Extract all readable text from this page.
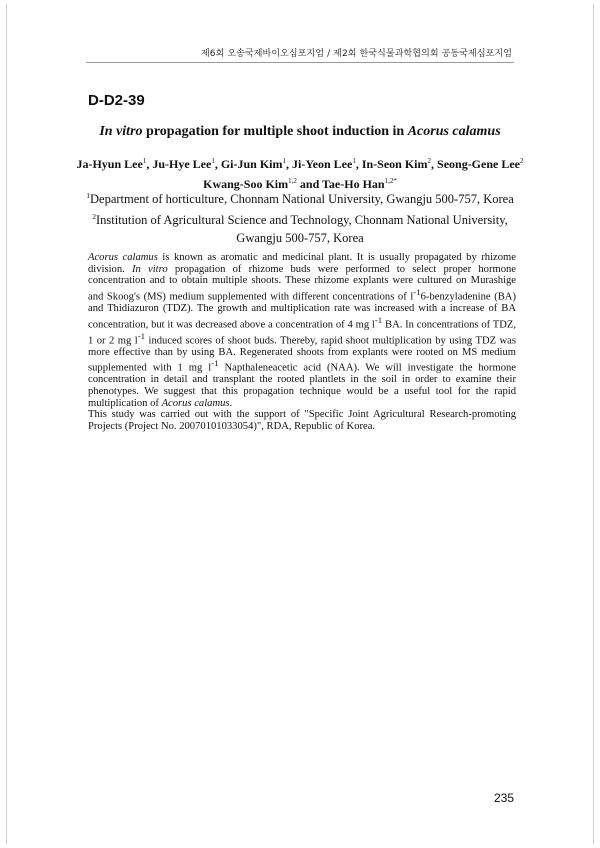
제6회 오송국제바이오심포지엄 / 제2회 한국식물과학협의회 공동국제심포지엄
D-D2-39
In vitro propagation for multiple shoot induction in Acorus calamus
Ja-Hyun Lee$^1$, Ju-Hye Lee$^1$, Gi-Jun Kim$^1$, Ji-Yeon Lee$^1$, In-Seon Kim$^2$, Seong-Gene Lee$^2$
Kwang-Soo Kim$^{1,2}$ and Tae-Ho Han$^{1,2*}$
$^1$Department of horticulture, Chonnam National University, Gwangju 500-757, Korea
$^2$Institution of Agricultural Science and Technology, Chonnam National University,
Gwangju 500-757, Korea

Acorus calamus is known as aromatic and medicinal plant. It is usually propagated by rhizome division. In vitro propagation of rhizome buds were performed to select proper hormone concentration and to obtain multiple shoots. These rhizome explants were cultured on Murashige and Skoog's (MS) medium supplemented with different concentrations of $l^{-1}6$-benzyladenine (BA) and Thidiazuron (TDZ). The growth and multiplication rate was increased with a increase of BA concentration, but it was decreased above a concentration of 4 mg $l^{-1}$ BA. In concentrations of TDZ, 1 or 2 mg $l^{-1}$ induced scores of shoot buds. Thereby, rapid shoot multiplication by using TDZ was more effective than by using BA. Regenerated shoots from explants were rooted on MS medium supplemented with 1 mg $l^{-1}$ Napthaleneacetic acid (NAA). We will investigate the hormone concentration in detail and transplant the rooted plantlets in the soil in order to examine their phenotypes. We suggest that this propagation technique would be a useful tool for the rapid multiplication of Acorus calamus.

This study was carried out with the support of "Specific Joint Agricultural Research-promoting Projects (Project No. 20070101033054)", RDA, Republic of Korea.

235
